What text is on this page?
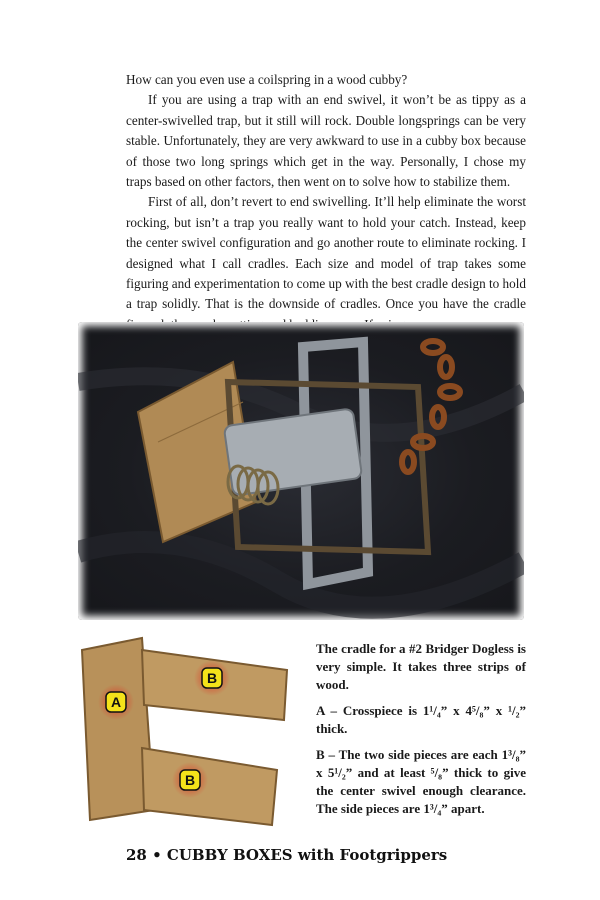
How can you even use a coilspring in a wood cubby?

If you are using a trap with an end swivel, it won’t be as tippy as a center-swivelled trap, but it still will rock. Double longsprings can be very stable. Unfortunately, they are very awkward to use in a cubby box because of those two long springs which get in the way. Personally, I chose my traps based on other factors, then went on to solve how to stabilize them.

First of all, don’t revert to end swivelling. It’ll help eliminate the worst rocking, but isn’t a trap you really want to hold your catch. Instead, keep the center swivel configuration and go another route to eliminate rocking. I designed what I call cradles. Each size and model of trap takes some figuring and experimentation to come up with the best cradle design to hold a trap solidly. That is the downside of cradles. Once you have the cradle

A
B
B

The cradle for a #2 Bridger Dogless is very simple. It takes three strips of wood.

A – Crosspiece is 1¹/₄” x 4⁵/₈” x ¹/₂” thick.

B – The two side pieces are each 1³/₈” x 5¹/₂” and at least ⁵/₈” thick to give the center swivel enough clearance. The side pieces are 1³/₄” apart.

28 • CUBBY BOXES with Footgrippers
